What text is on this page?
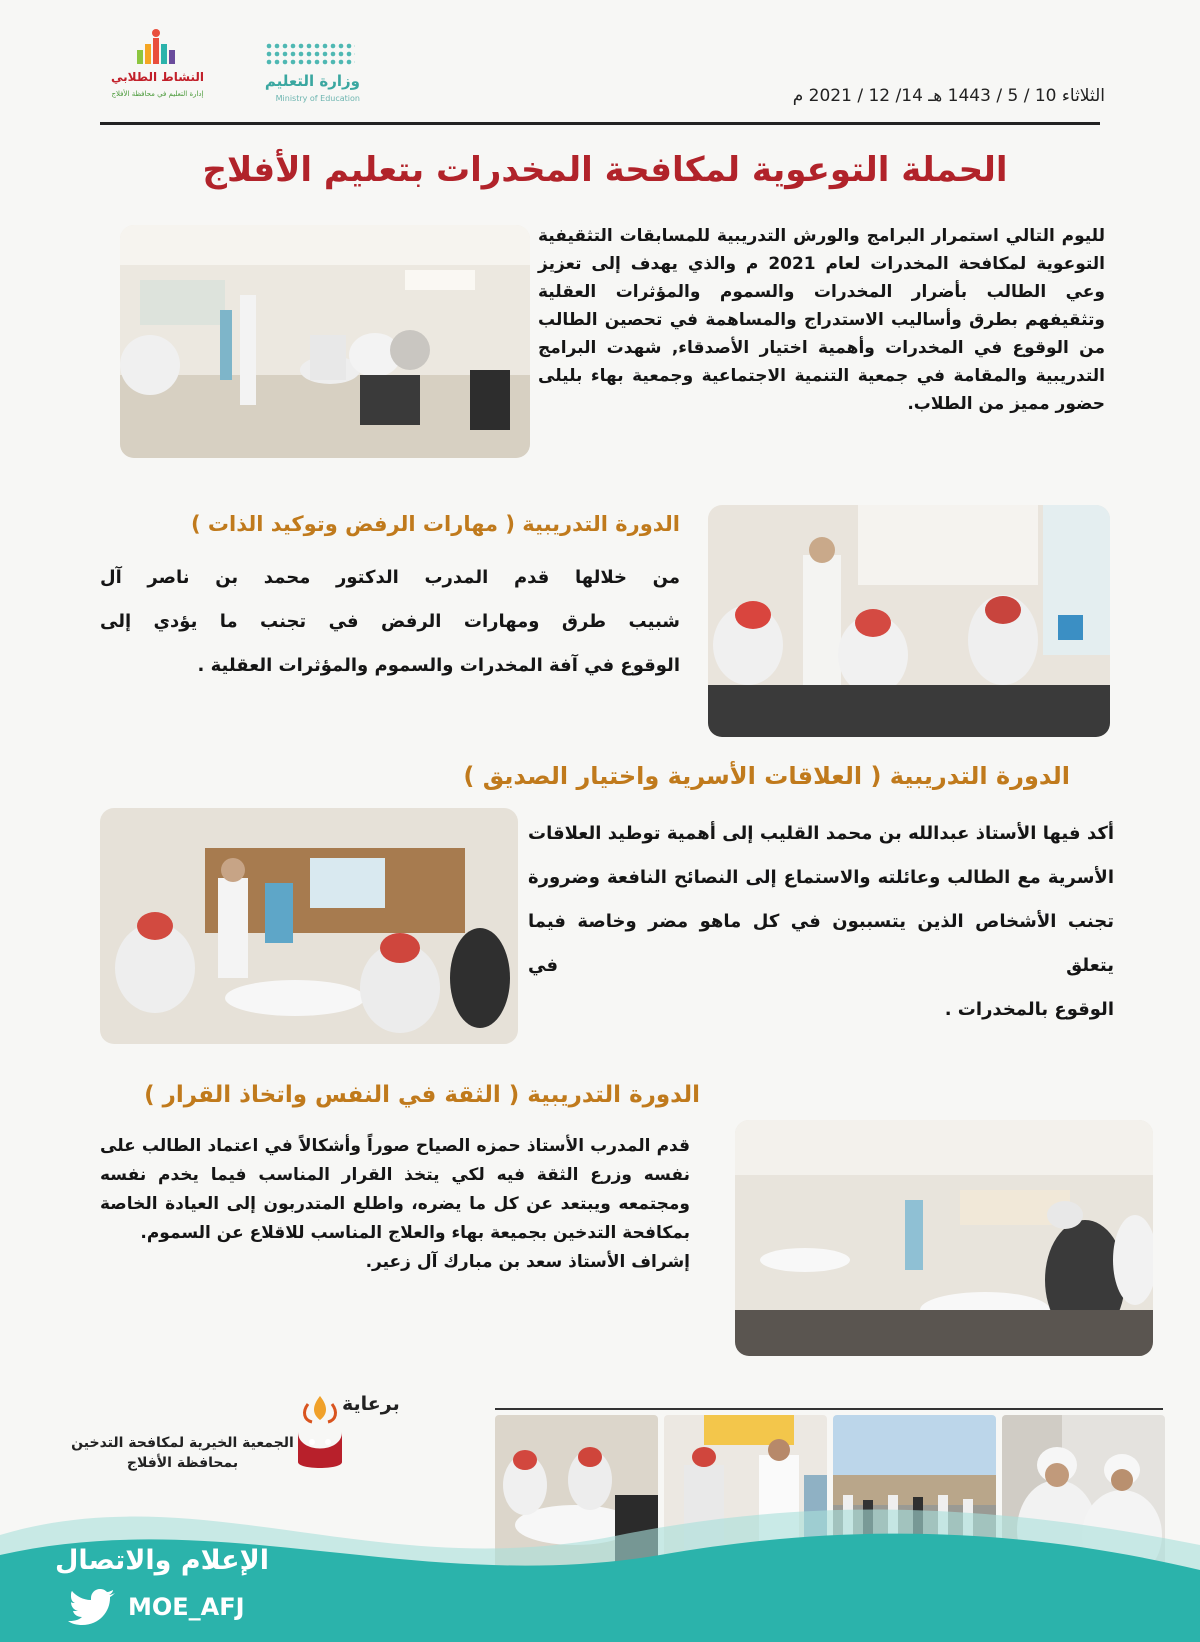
النشاط الطلابي
إدارة التعليم في محافظة الأفلاج
وزارة التعليم
Ministry of Education	الثلاثاء 10 / 5 / 1443 هـ 14/ 12 / 2021 م
الحملة التوعوية لمكافحة المخدرات بتعليم الأفلاج
لليوم التالي استمرار البرامج والورش التدريبية للمسابقات التثقيفية التوعوية لمكافحة المخدرات لعام 2021 م والذي يهدف إلى تعزيز وعي الطالب بأضرار المخدرات والسموم والمؤثرات العقلية وتثقيفهم بطرق وأساليب الاستدراج والمساهمة في تحصين الطالب من الوقوع في المخدرات وأهمية اختيار الأصدقاء, شهدت البرامج التدريبية والمقامة في جمعية التنمية الاجتماعية وجمعية بهاء بليلى حضور مميز من الطلاب.
الدورة التدريبية ( مهارات الرفض وتوكيد الذات )
من خلالها قدم المدرب الدكتور محمد بن ناصر آل
شبيب طرق ومهارات الرفض في تجنب ما يؤدي إلى
الوقوع في آفة المخدرات والسموم والمؤثرات العقلية .
الدورة التدريبية ( العلاقات الأسرية واختيار الصديق )
أكد فيها الأستاذ عبدالله بن محمد القليب إلى أهمية توطيد العلاقات الأسرية مع الطالب وعائلته والاستماع إلى النصائح النافعة وضرورة تجنب الأشخاص الذين يتسببون في كل ماهو مضر وخاصة فيما يتعلق في
الوقوع بالمخدرات .
الدورة التدريبية ( الثقة في النفس واتخاذ القرار )
قدم المدرب الأستاذ حمزه الصياح صوراً وأشكالاً في اعتماد الطالب على نفسه وزرع الثقة فيه لكي يتخذ القرار المناسب فيما يخدم نفسه ومجتمعه ويبتعد عن كل ما يضره، واطلع المتدربون إلى العيادة الخاصة بمكافحة التدخين بجميعة بهاء والعلاج المناسب للاقلاع عن السموم.
إشراف الأستاذ سعد بن مبارك آل زعير.
برعاية
الجمعية الخيرية لمكافحة التدخين بمحافظة الأفلاج
الإعلام والاتصال
MOE_AFJ
